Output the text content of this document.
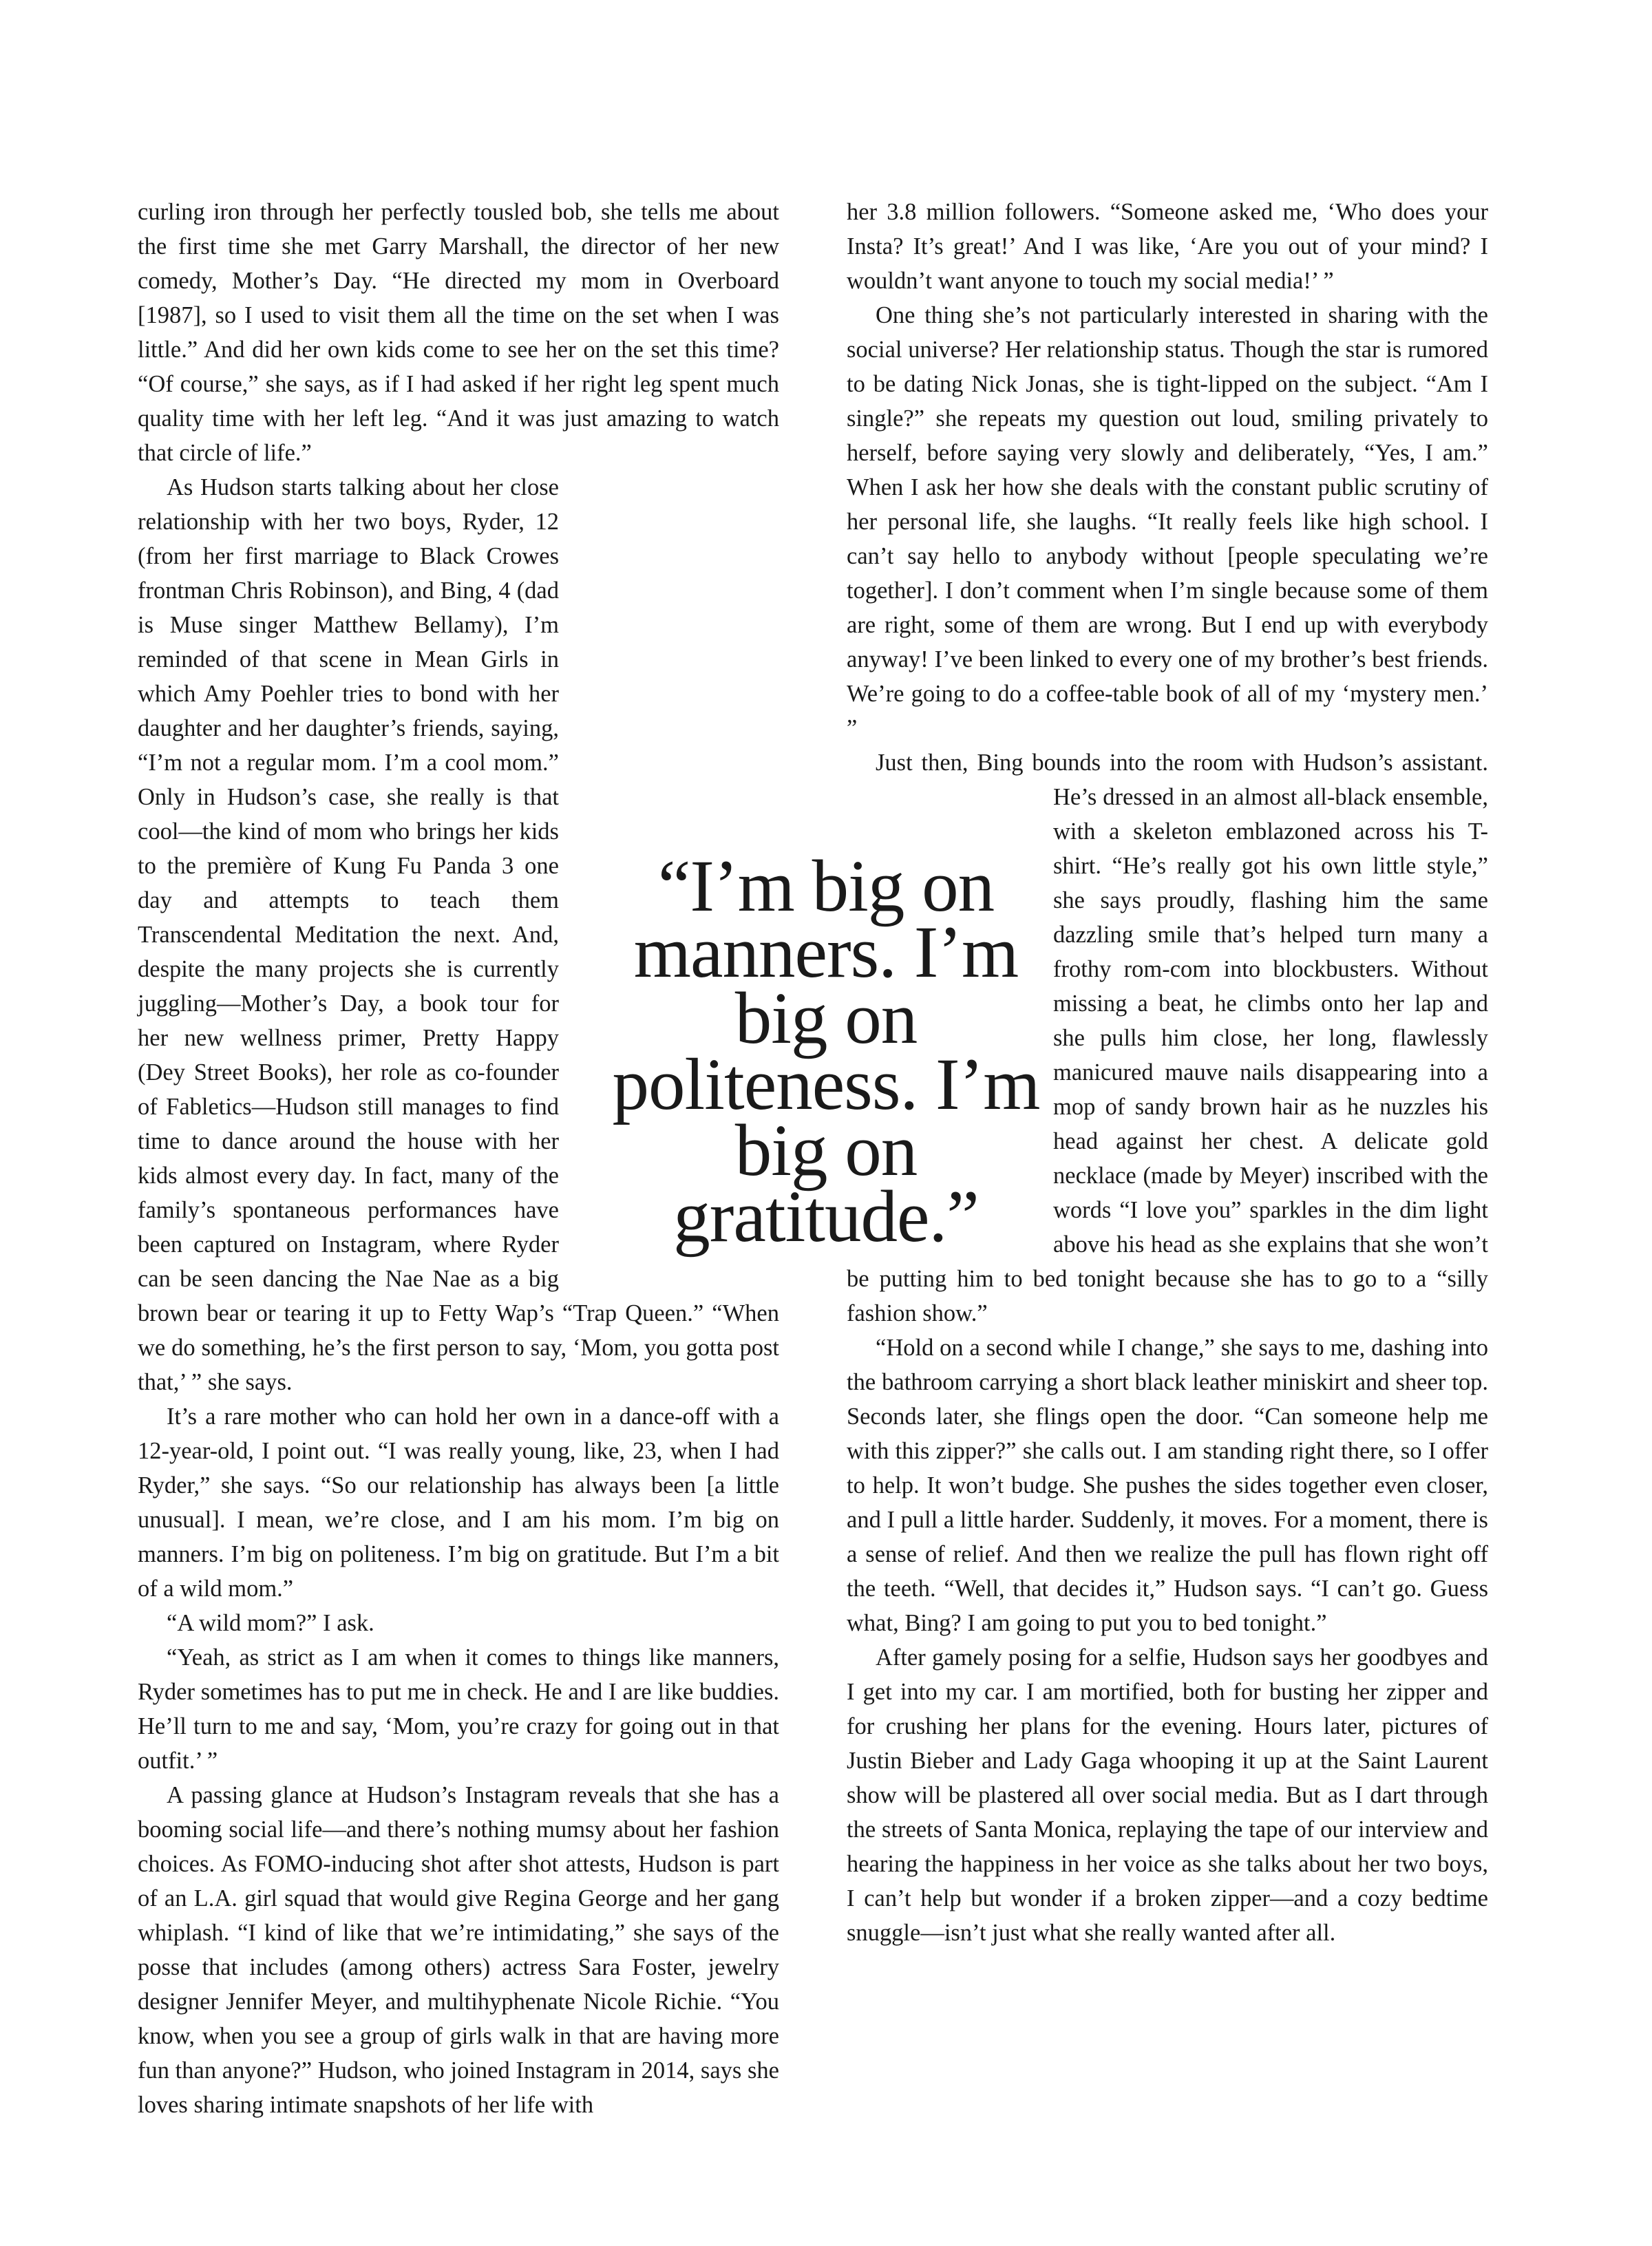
curling iron through her perfectly tousled bob, she tells me about the first time she met Garry Marshall, the director of her new comedy, Mother’s Day. “He directed my mom in Overboard [1987], so I used to visit them all the time on the set when I was little.” And did her own kids come to see her on the set this time? “Of course,” she says, as if I had asked if her right leg spent much quality time with her left leg. “And it was just amazing to watch that circle of life.”

As Hudson starts talking about her close relationship with her two boys, Ryder, 12 (from her first marriage to Black Crowes frontman Chris Robinson), and Bing, 4 (dad is Muse singer Matthew Bellamy), I’m reminded of that scene in Mean Girls in which Amy Poehler tries to bond with her daughter and her daughter’s friends, saying, “I’m not a regular mom. I’m a cool mom.” Only in Hudson’s case, she really is that cool—the kind of mom who brings her kids to the première of Kung Fu Panda 3 one day and attempts to teach them Transcendental Meditation the next. And, despite the many projects she is currently juggling—Mother’s Day, a book tour for her new wellness primer, Pretty Happy (Dey Street Books), her role as co-founder of Fabletics—Hudson still manages to find time to dance around the house with her kids almost every day. In fact, many of the family’s spontaneous performances have been captured on Instagram, where Ryder can be seen dancing the Nae Nae as a big brown bear or tearing it up to Fetty Wap’s “Trap Queen.” “When we do something, he’s the first person to say, ‘Mom, you gotta post that,’ ” she says.

It’s a rare mother who can hold her own in a dance-off with a 12-year-old, I point out. “I was really young, like, 23, when I had Ryder,” she says. “So our relationship has always been [a little unusual]. I mean, we’re close, and I am his mom. I’m big on manners. I’m big on politeness. I’m big on gratitude. But I’m a bit of a wild mom.”

“A wild mom?” I ask.

“Yeah, as strict as I am when it comes to things like manners, Ryder sometimes has to put me in check. He and I are like buddies. He’ll turn to me and say, ‘Mom, you’re crazy for going out in that outfit.’ ”

A passing glance at Hudson’s Instagram reveals that she has a booming social life—and there’s nothing mumsy about her fashion choices. As FOMO-inducing shot after shot attests, Hudson is part of an L.A. girl squad that would give Regina George and her gang whiplash. “I kind of like that we’re intimidating,” she says of the posse that includes (among others) actress Sara Foster, jewelry designer Jennifer Meyer, and multihyphenate Nicole Richie. “You know, when you see a group of girls walk in that are having more fun than anyone?” Hudson, who joined Instagram in 2014, says she loves sharing intimate snapshots of her life with

her 3.8 million followers. “Someone asked me, ‘Who does your Insta? It’s great!’ And I was like, ‘Are you out of your mind? I wouldn’t want anyone to touch my social media!’ ”

One thing she’s not particularly interested in sharing with the social universe? Her relationship status. Though the star is rumored to be dating Nick Jonas, she is tight-lipped on the subject. “Am I single?” she repeats my question out loud, smiling privately to herself, before saying very slowly and deliberately, “Yes, I am.” When I ask her how she deals with the constant public scrutiny of her personal life, she laughs. “It really feels like high school. I can’t say hello to anybody without [people speculating we’re together]. I don’t comment when I’m single because some of them are right, some of them are wrong. But I end up with everybody anyway! I’ve been linked to every one of my brother’s best friends. We’re going to do a coffee-table book of all of my ‘mystery men.’ ”

Just then, Bing bounds into the room with Hudson’s assistant. He’s dressed in an almost all-black ensemble, with a skeleton emblazoned across his T-shirt. “He’s really got his own little style,” she says proudly, flashing him the same dazzling smile that’s helped turn many a frothy rom-com into blockbusters. Without missing a beat, he climbs onto her lap and she pulls him close, her long, flawlessly manicured mauve nails disappearing into a mop of sandy brown hair as he nuzzles his head against her chest. A delicate gold necklace (made by Meyer) inscribed with the words “I love you” sparkles in the dim light above his head as she explains that she won’t be putting him to bed tonight because she has to go to a “silly fashion show.”

“Hold on a second while I change,” she says to me, dashing into the bathroom carrying a short black leather miniskirt and sheer top. Seconds later, she flings open the door. “Can someone help me with this zipper?” she calls out. I am standing right there, so I offer to help. It won’t budge. She pushes the sides together even closer, and I pull a little harder. Suddenly, it moves. For a moment, there is a sense of relief. And then we realize the pull has flown right off the teeth. “Well, that decides it,” Hudson says. “I can’t go. Guess what, Bing? I am going to put you to bed tonight.”

After gamely posing for a selfie, Hudson says her goodbyes and I get into my car. I am mortified, both for busting her zipper and for crushing her plans for the evening. Hours later, pictures of Justin Bieber and Lady Gaga whooping it up at the Saint Laurent show will be plastered all over social media. But as I dart through the streets of Santa Monica, replaying the tape of our interview and hearing the happiness in her voice as she talks about her two boys, I can’t help but wonder if a broken zipper—and a cozy bedtime snuggle—isn’t just what she really wanted after all.

“I’m big on manners. I’m big on politeness. I’m big on gratitude.”
